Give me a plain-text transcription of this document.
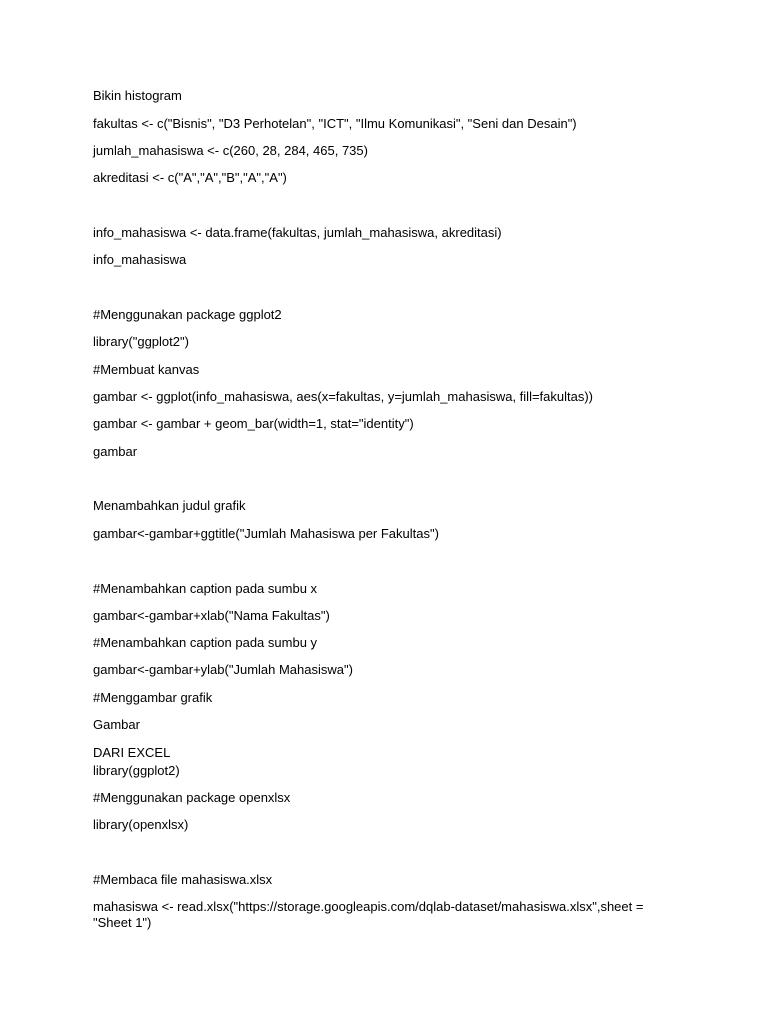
Bikin histogram
fakultas <- c("Bisnis", "D3 Perhotelan", "ICT", "Ilmu Komunikasi", "Seni dan Desain")
jumlah_mahasiswa <- c(260, 28, 284, 465, 735)
akreditasi <- c("A","A","B","A","A")
info_mahasiswa <- data.frame(fakultas, jumlah_mahasiswa, akreditasi)
info_mahasiswa
#Menggunakan package ggplot2
library("ggplot2")
#Membuat kanvas
gambar <- ggplot(info_mahasiswa, aes(x=fakultas, y=jumlah_mahasiswa, fill=fakultas))
gambar <- gambar + geom_bar(width=1, stat="identity")
gambar
Menambahkan judul grafik
gambar<-gambar+ggtitle("Jumlah Mahasiswa per Fakultas")
#Menambahkan caption pada sumbu x
gambar<-gambar+xlab("Nama Fakultas")
#Menambahkan caption pada sumbu y
gambar<-gambar+ylab("Jumlah Mahasiswa")
#Menggambar grafik
Gambar
DARI EXCEL
library(ggplot2)
#Menggunakan package openxlsx
library(openxlsx)
#Membaca file mahasiswa.xlsx
mahasiswa <- read.xlsx("https://storage.googleapis.com/dqlab-dataset/mahasiswa.xlsx",sheet = "Sheet 1")
